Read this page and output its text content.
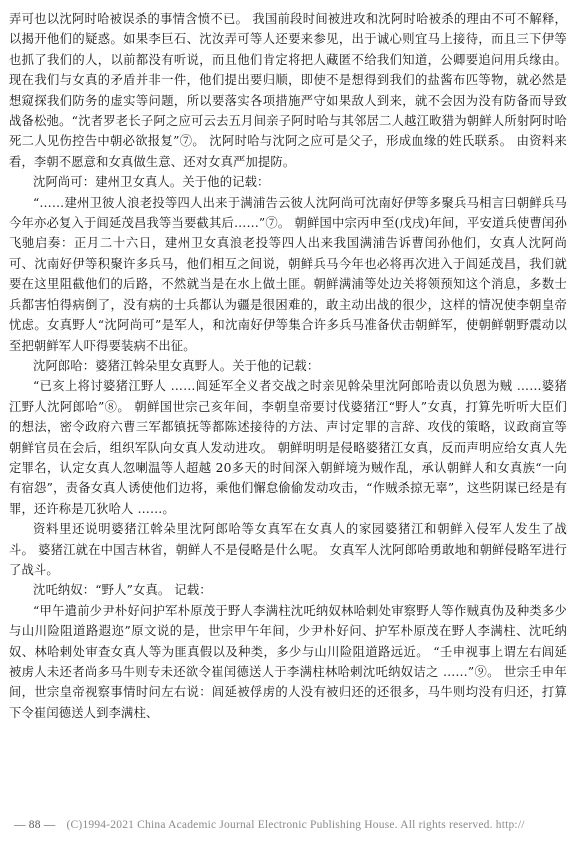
弄可也以沈阿时哈被误杀的事情含愤不已。 我国前段时间被进攻和沈阿时哈被杀的理由不可不解释，以揭开他们的疑惑。如果李巨石、沈汝弄可等人还要来参见，出于诚心则宜马上接待，而且三下伊等也抓了我们的人，以前都没有听说，而且他们肯定将把人藏匿不给我们知道，公卿要追问用兵缘由。 现在我们与女真的矛盾并非一件，他们提出要归顺，即使不是想得到我们的盐酱布匹等物，就必然是想窥探我们防务的虚实等问题，所以要落实各项措施严守如果敌人到来，就不会因为没有防备而导致战备松弛。“沈者罗老长子阿之应可云去五月间亲子阿时哈与其邻居二人越江畋猎为朝鲜人所射阿时哈死二人见伤控告中朝必欲报复”⑦。 沈阿时哈与沈阿之应可是父子，形成血缘的姓氏联系。 由资料来看，李朝不愿意和女真做生意、还对女真严加提防。

沈阿尚可：建州卫女真人。关于他的记载：

“……建州卫彼人浪老投等四人出来于满浦告云彼人沈阿尚可沈南好伊等多聚兵马相言曰朝鲜兵马今年亦必复入于闾延茂昌我等当要截其后……”⑦。 朝鲜国中宗丙申至(戊戌)年间，平安道兵使曹闰孙飞驰启奏：正月二十六日，建州卫女真浪老投等四人出来我国满浦告诉曹闰孙他们，女真人沈阿尚可、沈南好伊等积聚许多兵马，他们相互之间说，朝鲜兵马今年也必将再次进入于闾延茂昌，我们就要在这里阻截他们的后路，不然就当是在水上做土匪。朝鲜满浦等处边关将领预知这个消息，多数士兵都害怕得病倒了，没有病的士兵都认为疆是很困难的，敢主动出战的很少，这样的情况使李朝皇帝忧虑。女真野人“沈阿尚可”是军人，和沈南好伊等集合许多兵马准备伏击朝鲜军，使朝鲜朝野震动以至把朝鲜军人吓得要装病不出征。

沈阿郎哈：婆猪江斡朵里女真野人。关于他的记载：

“已亥上将讨婆猪江野人 ……闾延军全义者交战之时亲见斡朵里沈阿郎哈责以负恩为贼 ……婆猪江野人沈阿郎哈”⑧。 朝鲜国世宗己亥年间，李朝皇帝要讨伐婆猪江“野人”女真，打算先听听大臣们的想法，密令政府六曹三军都镇抚等都陈述接待的方法、声讨定罪的言辞、攻伐的策略，议政商宣等朝鲜官员在会后，组织军队向女真人发动进攻。 朝鲜明明是侵略婆猪江女真，反而声明应给女真人先定罪名，认定女真人忽喇温等人超越 20多天的时间深入朝鲜境为贼作乱，承认朝鲜人和女真族“一向有宿怨”，责备女真人诱使他们边将，乘他们懈怠偷偷发动攻击，“作贼杀掠无辜”，这些阴谋已经是有罪，还许称是兀狄哈人 ……。

资料里还说明婆猪江斡朵里沈阿郎哈等女真军在女真人的家园婆猪江和朝鲜入侵军人发生了战斗。 婆猪江就在中国吉林省，朝鲜人不是侵略是什么呢。 女真军人沈阿郎哈勇敢地和朝鲜侵略军进行了战斗。

沈吒纳奴：“野人”女真。 记载：

“甲午遣前少尹朴好问护军朴原茂于野人李满柱沈吒纳奴林哈剌处审察野人等作贼真伪及种类多少与山川险阻道路遐迩”原文说的是，世宗甲午年间，少尹朴好问、护军朴原茂在野人李满柱、沈吒纳奴、林哈剌处审查女真人等为匪真假以及种类，多少与山川险阻道路远近。 “壬申视事上谓左右闾延被虏人未还者尚多马牛则专未还欲令崔闰德送人于李满柱林哈剌沈吒纳奴诘之 ……”⑨。 世宗壬申年间，世宗皇帝视察事情时问左右说：闾延被俘虏的人没有被归还的还很多，马牛则均没有归还，打算下令崔闰德送人到李满柱、

— 88 — (C)1994-2021 China Academic Journal Electronic Publishing House. All rights reserved. http://
